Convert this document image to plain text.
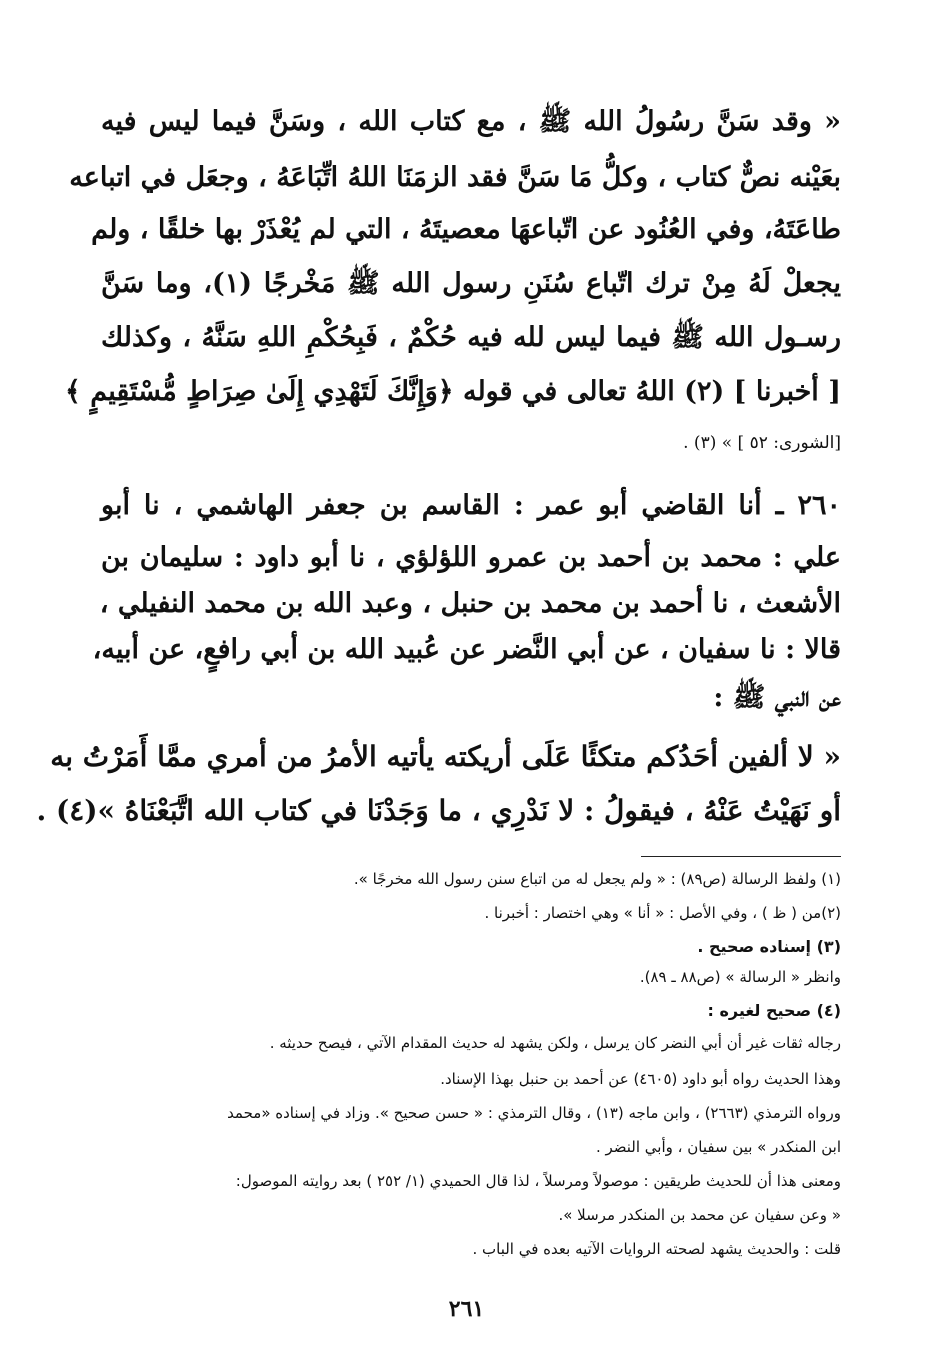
« وقد سَنَّ رسُولُ الله ﷺ ، مع كتاب الله ، وسَنَّ فيما ليس فيه
بعَيْنه نصٌّ كتاب ، وكلُّ مَا سَنَّ فقد الزمَنَا اللهُ اتِّبَاعَهُ ، وجعَل في اتباعه
طاعَتَهُ، وفي العُنُود عن اتّباعهَا معصيتَهُ ، التي لم يُعْذَرْ بها خلقًا ، ولم
يجعلْ لَهُ مِنْ ترك اتّباع سُنَنِ رسول الله ﷺ مَخْرجًا (١)، وما سَنَّ
رسـول الله ﷺ فيما ليس لله فيه حُكْمٌ ، فَبِحُكْمِ اللهِ سَنَّهُ ، وكذلك
[ أخبرنا ] (٢) اللهُ تعالى في قوله ﴿وَإِنَّكَ لَتَهْدِي إِلَىٰ صِرَاطٍ مُّسْتَقِيمٍ ﴾
[الشورى: ٥٢ ] » (٣) .
٢٦٠ ـ أنا القاضي أبو عمر : القاسم بن جعفر الهاشمي ، نا أبو
علي : محمد بن أحمد بن عمرو اللؤلؤي ، نا أبو داود : سليمان بن
الأشعث ، نا أحمد بن محمد بن حنبل ، وعبد الله بن محمد النفيلي ،
قالا : نا سفيان ، عن أبي النَّضر عن عُبيد الله بن أبي رافعٍ، عن أبيه،
عن النبي ﷺ :
« لا ألفين أحَدُكم متكئًا عَلَى أريكته يأتيه الأمرُ من أمري ممَّا أَمَرْتُ به
أو نَهَيْتُ عَنْهُ ، فيقولُ : لا نَدْرِي ، ما وَجَدْنَا في كتاب الله اتَّبَعْنَاهُ »(٤) .
(١) ولفظ الرسالة (ص٨٩) : « ولم يجعل له من اتباع سنن رسول الله مخرجًا ».
(٢)من ( ظ ) ، وفي الأصل : « أنا » وهي اختصار : أخبرنا .
(٣) إسناده صحيح .
وانظر « الرسالة » (ص٨٨ ـ ٨٩).
(٤) صحيح لغيره :
رجاله ثقات غير أن أبي النضر كان يرسل ، ولكن يشهد له حديث المقدام الآتي ، فيصح حديثه .
وهذا الحديث رواه أبو داود (٤٦٠٥) عن أحمد بن حنبل بهذا الإسناد.
ورواه الترمذي (٢٦٦٣) ، وابن ماجه (١٣) ، وقال الترمذي : « حسن صحيح ». وزاد في إسناده «محمد
ابن المنكدر » بين سفيان ، وأبي النضر .
ومعنى هذا أن للحديث طريقين : موصولاً ومرسلاً ، لذا قال الحميدي (١/ ٢٥٢ ) بعد روايته الموصول:
« وعن سفيان عن محمد بن المنكدر مرسلا ».
قلت : والحديث يشهد لصحته الروايات الآتيه بعده في الباب .
٢٦١
